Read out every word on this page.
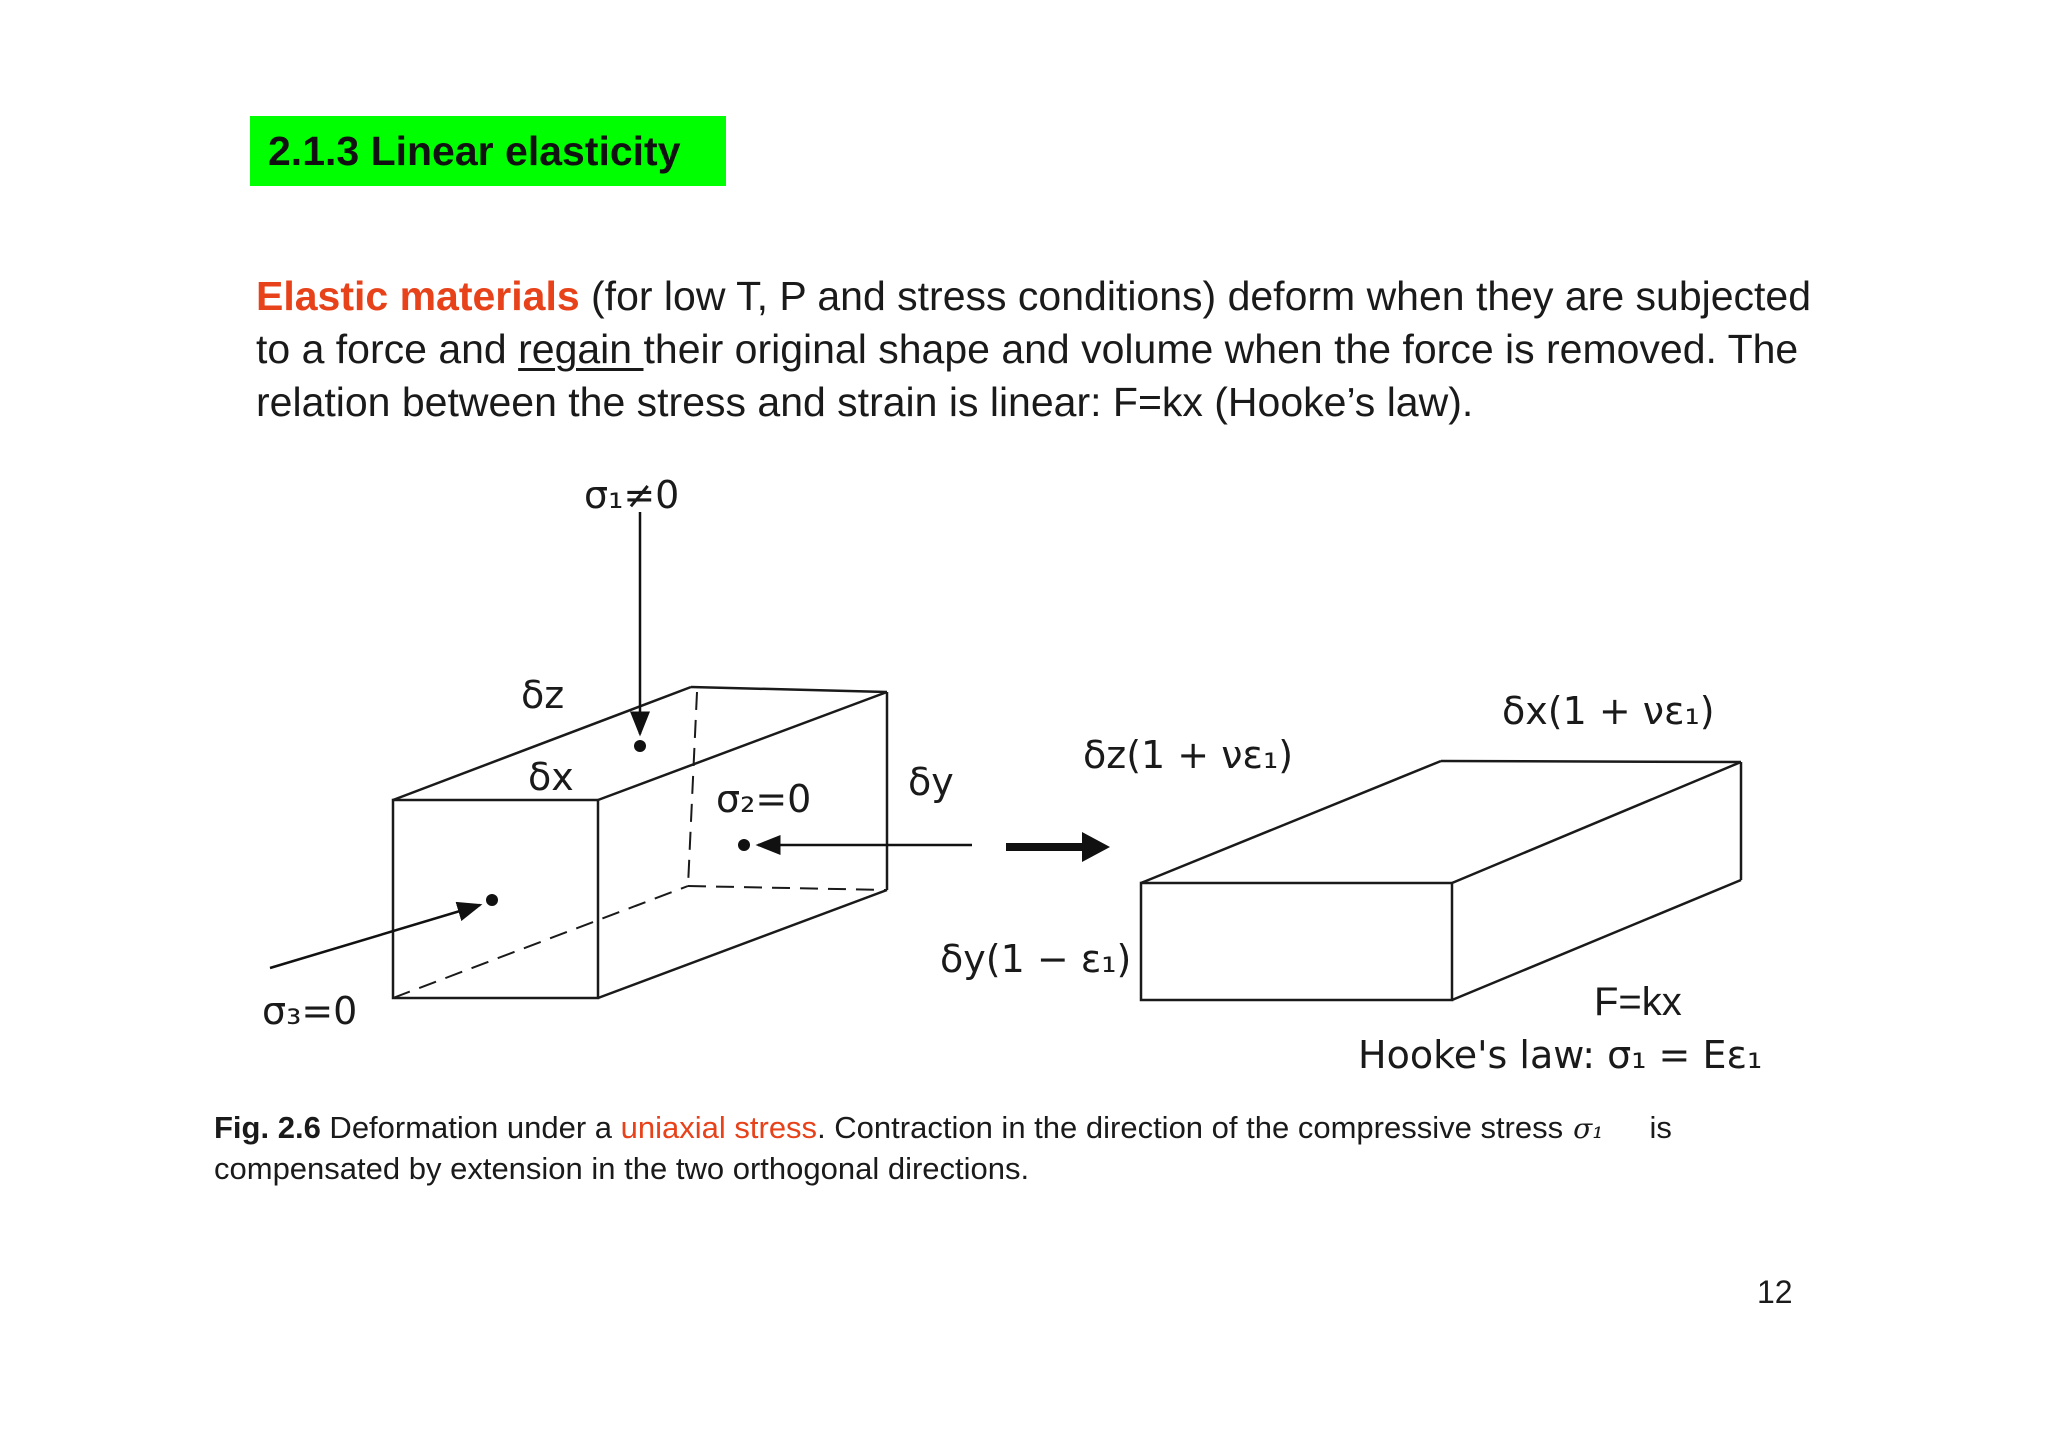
2.1.3 Linear elasticity
Elastic materials (for low T, P and stress conditions) deform when they are subjected to a force and regain their original shape and volume when the force is removed. The relation between the stress and strain is linear: F=kx (Hooke’s law).
σ₁≠0
δz
δx	σ₂=0	δy
σ₃=0
δz(1 + νε₁)
δx(1 + νε₁)
δy(1 − ε₁)
Hooke's law: σ₁ = Eε₁
F=kx
Fig. 2.6 Deformation under a uniaxial stress. Contraction in the direction of the compressive stress σ₁ is compensated by extension in the two orthogonal directions.
12
